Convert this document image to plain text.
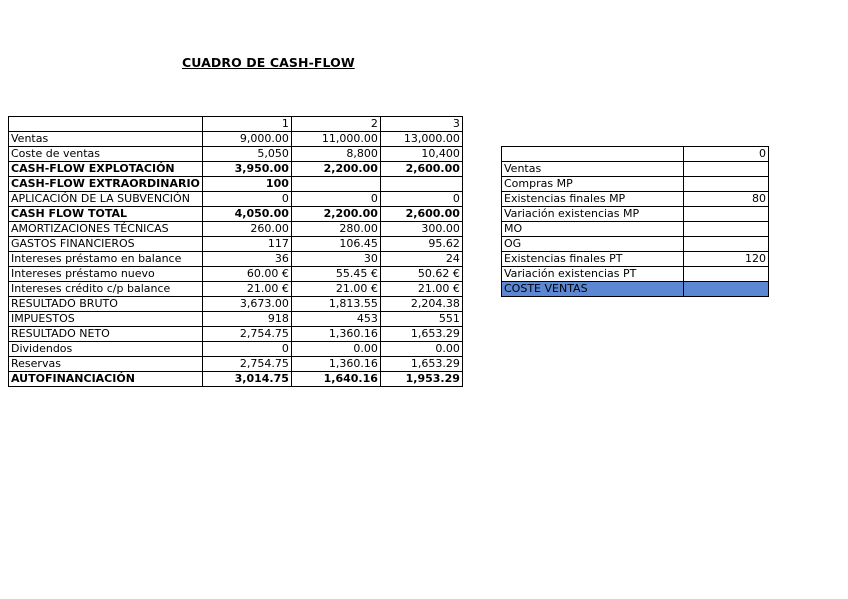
CUADRO DE CASH-FLOW
	1	2	3
Ventas	9,000.00	11,000.00	13,000.00
Coste de ventas	5,050	8,800	10,400
CASH-FLOW EXPLOTACIÓN	3,950.00	2,200.00	2,600.00
CASH-FLOW EXTRAORDINARIO	100		
APLICACIÓN DE LA SUBVENCIÓN	0	0	0
CASH FLOW TOTAL	4,050.00	2,200.00	2,600.00
AMORTIZACIONES TÉCNICAS	260.00	280.00	300.00
GASTOS FINANCIEROS	117	106.45	95.62
Intereses préstamo en balance	36	30	24
Intereses préstamo nuevo	60.00 €	55.45 €	50.62 €
Intereses crédito c/p balance	21.00 €	21.00 €	21.00 €
RESULTADO BRUTO	3,673.00	1,813.55	2,204.38
IMPUESTOS	918	453	551
RESULTADO NETO	2,754.75	1,360.16	1,653.29
Dividendos	0	0.00	0.00
Reservas	2,754.75	1,360.16	1,653.29
AUTOFINANCIACIÓN	3,014.75	1,640.16	1,953.29
	0
Ventas	
Compras MP	
Existencias finales MP	80
Variación existencias MP	
MO	
OG	
Existencias finales PT	120
Variación existencias PT	
COSTE VENTAS	
